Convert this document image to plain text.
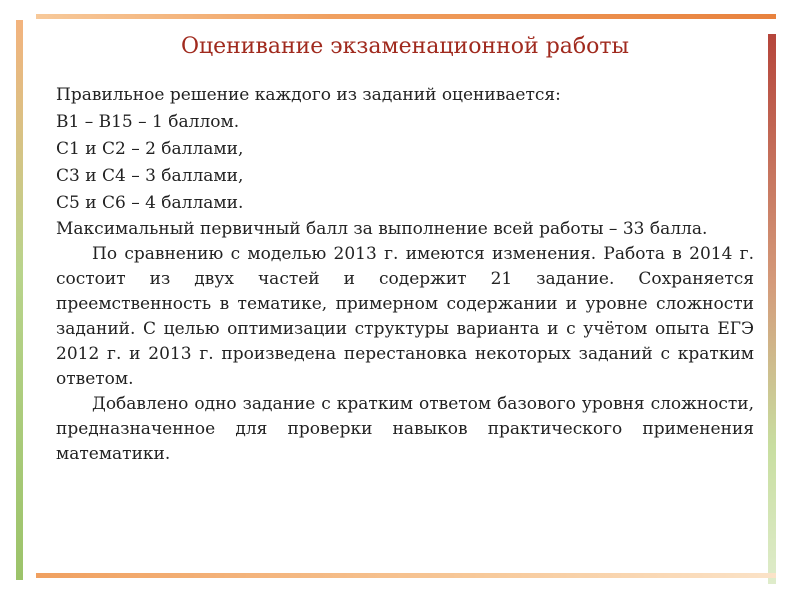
Оценивание экзаменационной работы

Правильное решение каждого из заданий оценивается:

В1 – В15 – 1 баллом.

С1 и С2 – 2 баллами,

С3 и С4 – 3 баллами,

С5 и С6 – 4 баллами.

Максимальный первичный балл за выполнение всей работы – 33 балла.

По сравнению с моделью 2013 г. имеются изменения. Работа в 2014 г. состоит из двух частей и содержит 21 задание. Сохраняется преемственность в тематике, примерном содержании и уровне сложности заданий. С целью оптимизации структуры варианта и с учётом опыта ЕГЭ 2012 г. и 2013 г. произведена перестановка некоторых заданий с кратким ответом.

Добавлено одно задание с кратким ответом базового уровня сложности, предназначенное для проверки навыков практического применения математики.
